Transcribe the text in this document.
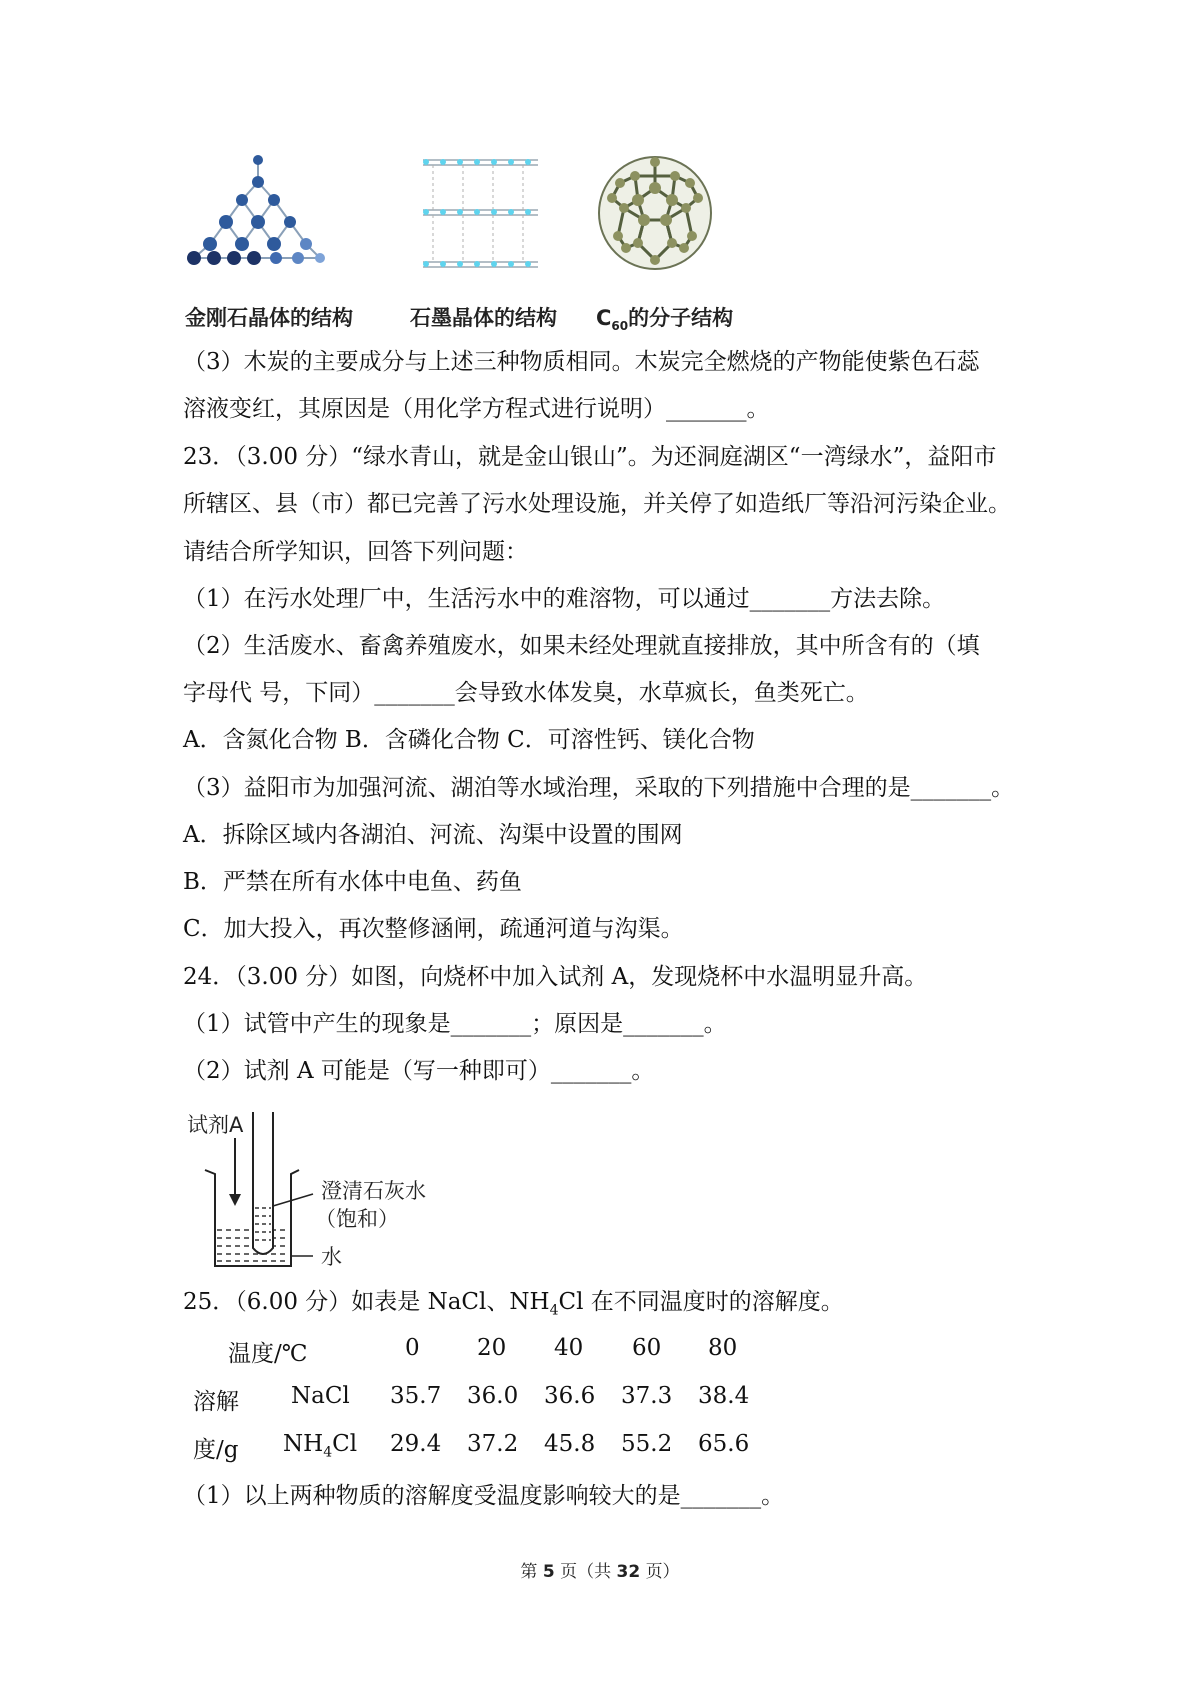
金刚石晶体的结构	石墨晶体的结构 $C_{60}$的分子结构
（3）木炭的主要成分与上述三种物质相同。木炭完全燃烧的产物能使紫色石蕊
溶液变红，其原因是（用化学方程式进行说明）_______。
23．（3.00 分）“绿水青山，就是金山银山”。为还洞庭湖区“一湾绿水”，益阳市
所辖区、县（市）都已完善了污水处理设施，并关停了如造纸厂等沿河污染企业。
请结合所学知识，回答下列问题：
（1）在污水处理厂中，生活污水中的难溶物，可以通过_______方法去除。
（2）生活废水、畜禽养殖废水，如果未经处理就直接排放，其中所含有的（填
字母代 号，下同）_______会导致水体发臭，水草疯长，鱼类死亡。
A．含氮化合物 B．含磷化合物 C．可溶性钙、镁化合物
（3）益阳市为加强河流、湖泊等水域治理，采取的下列措施中合理的是_______。
A．拆除区域内各湖泊、河流、沟渠中设置的围网
B．严禁在所有水体中电鱼、药鱼
C．加大投入，再次整修涵闸，疏通河道与沟渠。
24．（3.00 分）如图，向烧杯中加入试剂 A，发现烧杯中水温明显升高。
（1）试管中产生的现象是_______；原因是_______。
（2）试剂 A 可能是（写一种即可）_______。
试剂A
澄清石灰水
（饱和）
水
25．（6.00 分）如表是 NaCl、$NH_4Cl$ 在不同温度时的溶解度。
温度/℃	0 20 40 60 80
溶解 NaCl 35.7 36.0 36.6 37.3 38.4
度/g $NH_4Cl$ 29.4 37.2 45.8 55.2 65.6
（1）以上两种物质的溶解度受温度影响较大的是_______。
第 5 页（共 32 页）
